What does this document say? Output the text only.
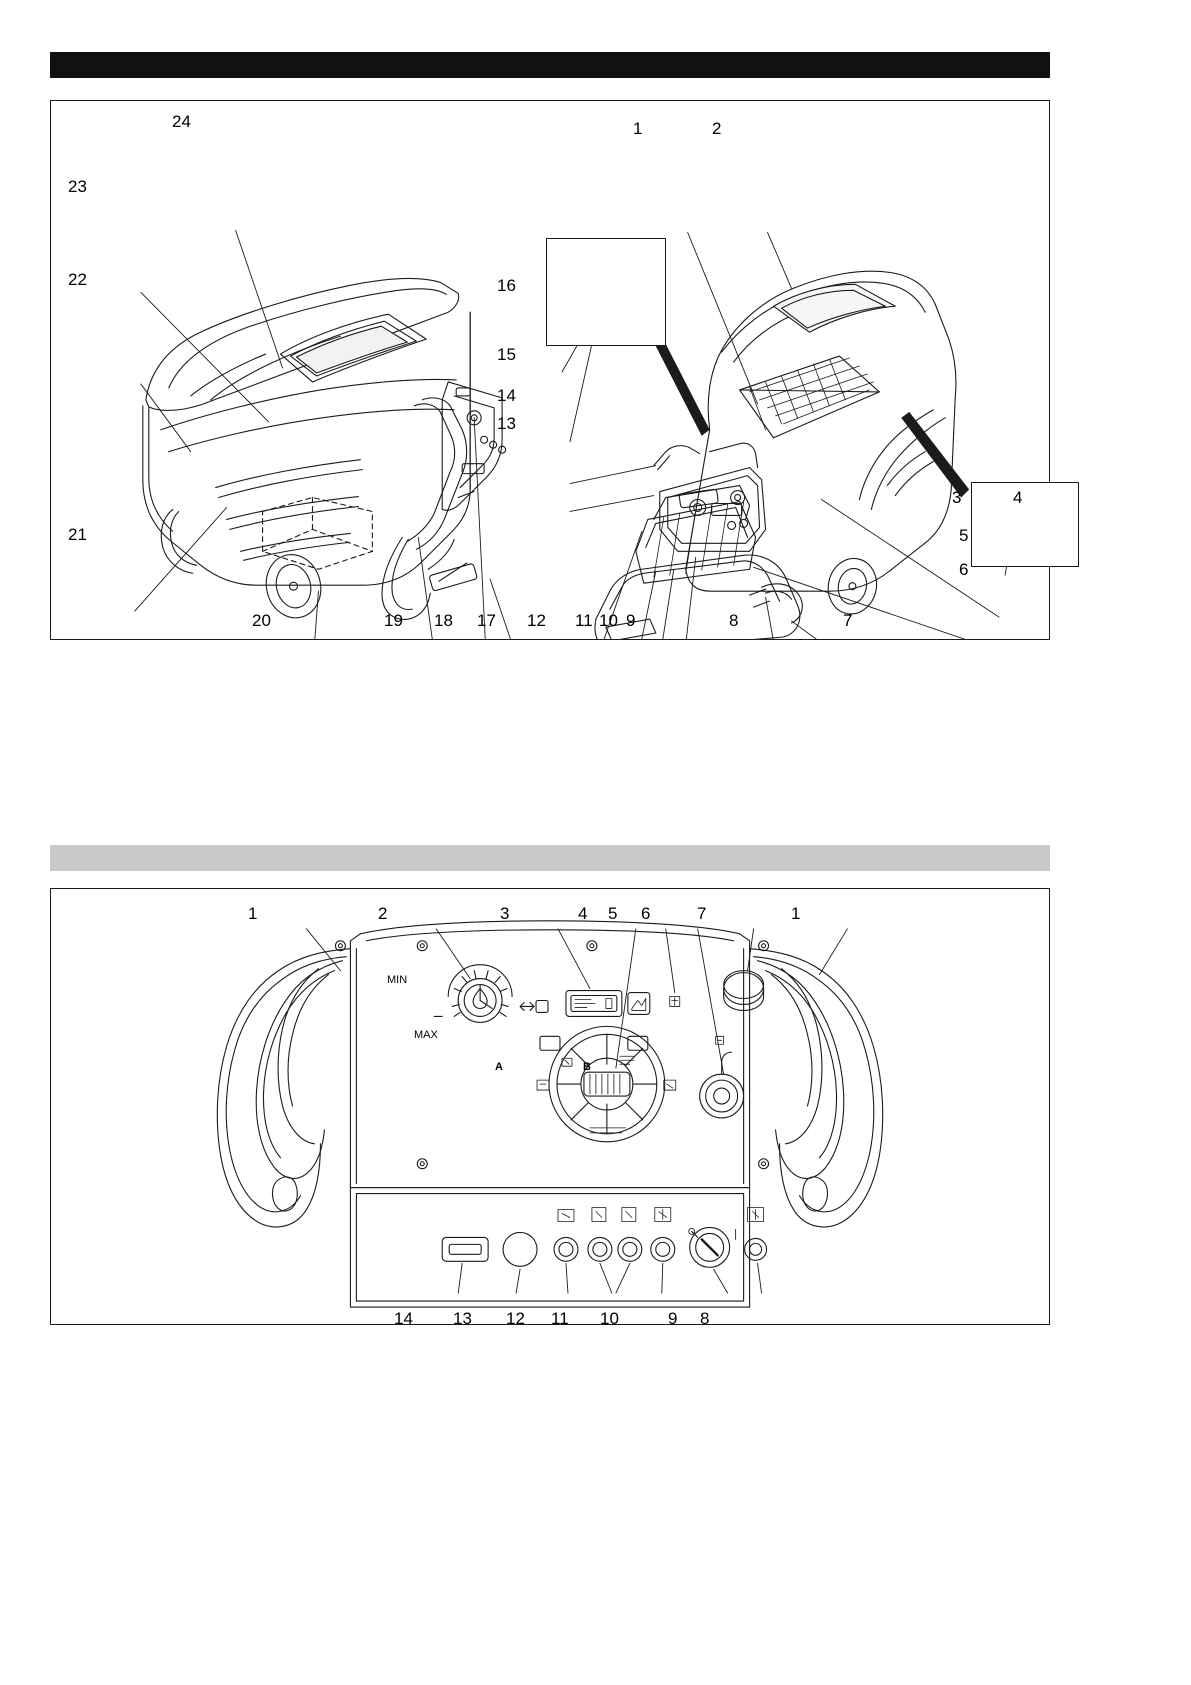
24
23
22
21
20	19 18 17
16
15
14
13
12 11 10 9	8	7
6
5
4
3
2
1
MIN
MAX
A	B
1	2	3	4 5 6	7	1
14 13 12 11 10	9 8
